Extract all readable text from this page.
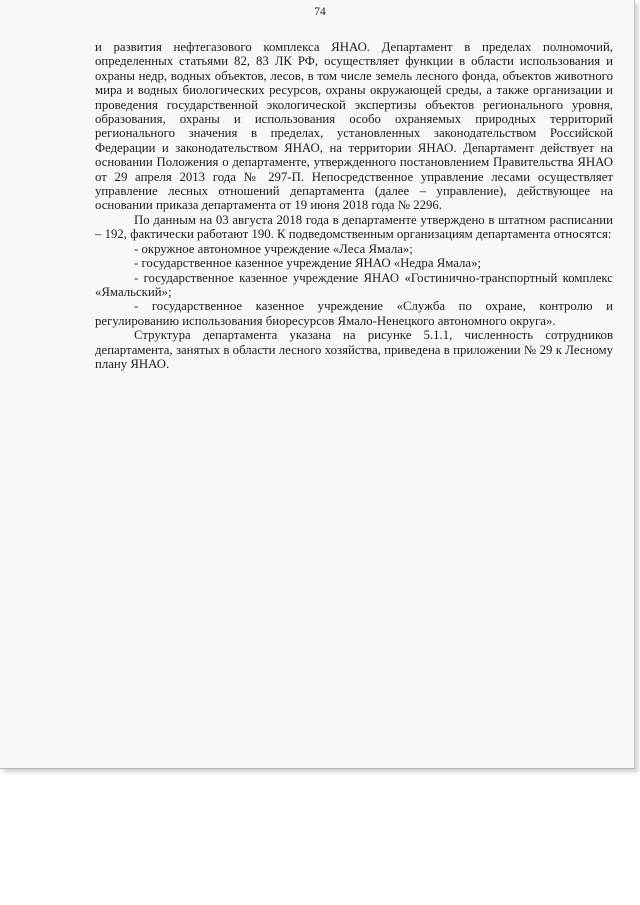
74

и развития нефтегазового комплекса ЯНАО. Департамент в пределах полномочий, определенных статьями 82, 83 ЛК РФ, осуществляет функции в области использования и охраны недр, водных объектов, лесов, в том числе земель лесного фонда, объектов животного мира и водных биологических ресурсов, охраны окружающей среды, а также организации и проведения государственной экологической экспертизы объектов регионального уровня, образования, охраны и использования особо охраняемых природных территорий регионального значения в пределах, установленных законодательством Российской Федерации и законодательством ЯНАО, на территории ЯНАО. Департамент действует на основании Положения о департаменте, утвержденного постановлением Правительства ЯНАО от 29 апреля 2013 года № 297-П. Непосредственное управление лесами осуществляет управление лесных отношений департамента (далее – управление), действующее на основании приказа департамента от 19 июня 2018 года № 2296.

По данным на 03 августа 2018 года в департаменте утверждено в штатном расписании – 192, фактически работают 190. К подведомственным организациям департамента относятся:

- окружное автономное учреждение «Леса Ямала»;

- государственное казенное учреждение ЯНАО «Недра Ямала»;

- государственное казенное учреждение ЯНАО «Гостинично-транспортный комплекс «Ямальский»;

- государственное казенное учреждение «Служба по охране, контролю и регулированию использования биоресурсов Ямало-Ненецкого автономного округа».

Структура департамента указана на рисунке 5.1.1, численность сотрудников департамента, занятых в области лесного хозяйства, приведена в приложении № 29 к Лесному плану ЯНАО.
